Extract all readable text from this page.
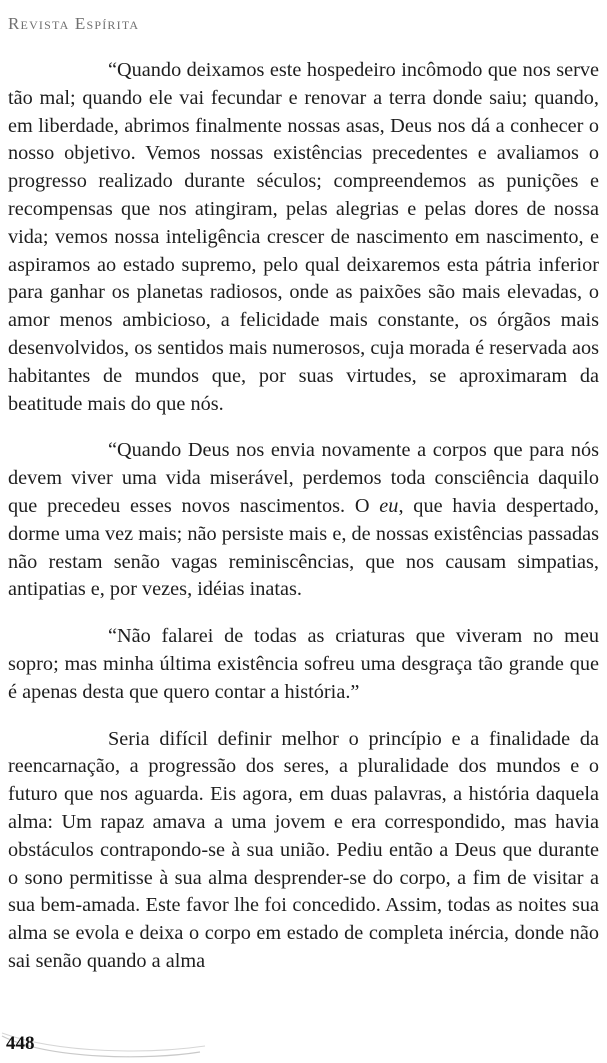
Revista Espírita

“Quando deixamos este hospedeiro incômodo que nos serve tão mal; quando ele vai fecundar e renovar a terra donde saiu; quando, em liberdade, abrimos finalmente nossas asas, Deus nos dá a conhecer o nosso objetivo. Vemos nossas existências precedentes e avaliamos o progresso realizado durante séculos; compreendemos as punições e recompensas que nos atingiram, pelas alegrias e pelas dores de nossa vida; vemos nossa inteligência crescer de nascimento em nascimento, e aspiramos ao estado supremo, pelo qual deixaremos esta pátria inferior para ganhar os planetas radiosos, onde as paixões são mais elevadas, o amor menos ambicioso, a felicidade mais constante, os órgãos mais desenvolvidos, os sentidos mais numerosos, cuja morada é reservada aos habitantes de mundos que, por suas virtudes, se aproximaram da beatitude mais do que nós.

“Quando Deus nos envia novamente a corpos que para nós devem viver uma vida miserável, perdemos toda consciência daquilo que precedeu esses novos nascimentos. O eu, que havia despertado, dorme uma vez mais; não persiste mais e, de nossas existências passadas não restam senão vagas reminiscências, que nos causam simpatias, antipatias e, por vezes, idéias inatas.

“Não falarei de todas as criaturas que viveram no meu sopro; mas minha última existência sofreu uma desgraça tão grande que é apenas desta que quero contar a história.”

Seria difícil definir melhor o princípio e a finalidade da reencarnação, a progressão dos seres, a pluralidade dos mundos e o futuro que nos aguarda. Eis agora, em duas palavras, a história daquela alma: Um rapaz amava a uma jovem e era correspondido, mas havia obstáculos contrapondo-se à sua união. Pediu então a Deus que durante o sono permitisse à sua alma desprender-se do corpo, a fim de visitar a sua bem-amada. Este favor lhe foi concedido. Assim, todas as noites sua alma se evola e deixa o corpo em estado de completa inércia, donde não sai senão quando a alma

448
